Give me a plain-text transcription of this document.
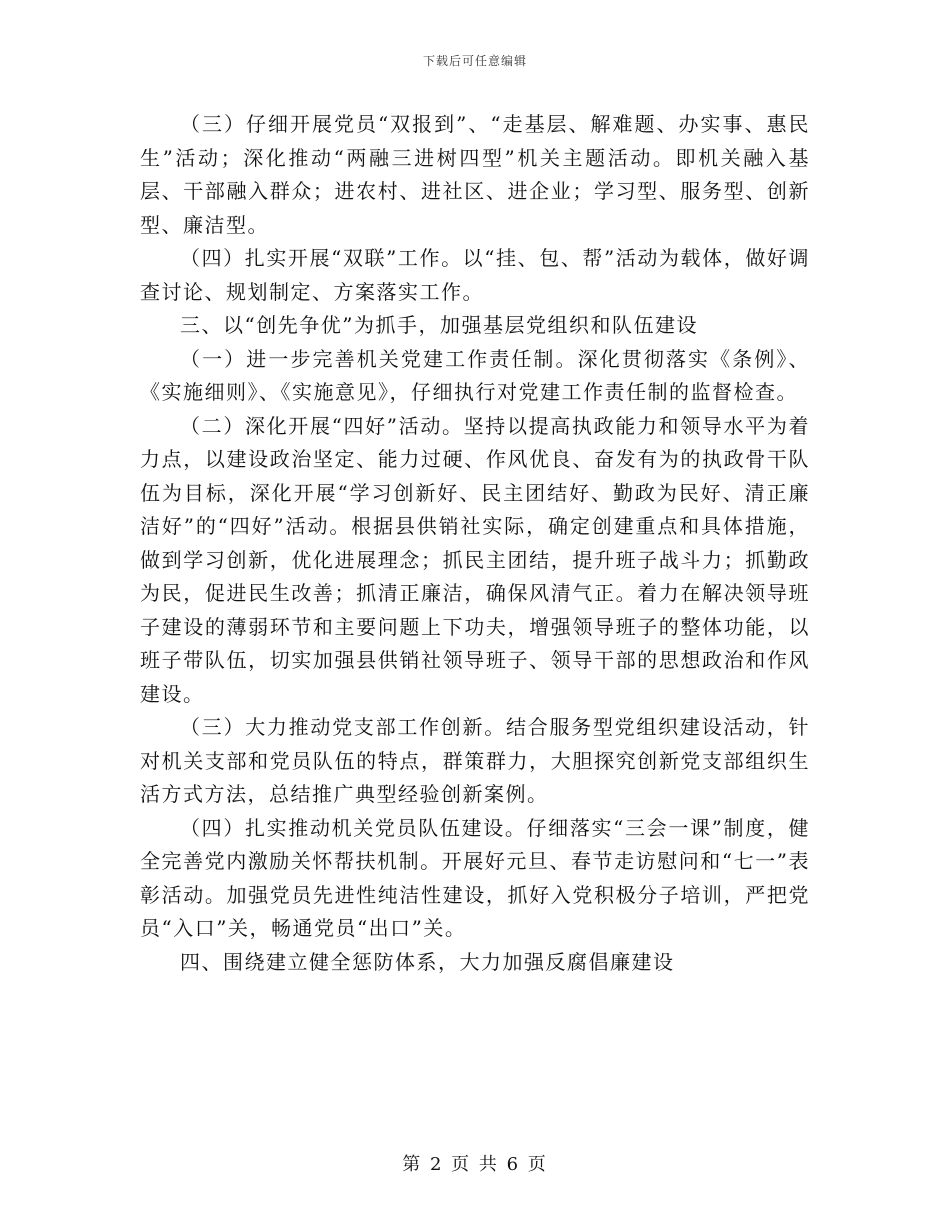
下载后可任意编辑

（三）仔细开展党员“双报到”、“走基层、解难题、办实事、惠民生”活动；深化推动“两融三进树四型”机关主题活动。即机关融入基层、干部融入群众；进农村、进社区、进企业；学习型、服务型、创新型、廉洁型。

（四）扎实开展“双联”工作。以“挂、包、帮”活动为载体，做好调查讨论、规划制定、方案落实工作。

三、以“创先争优”为抓手，加强基层党组织和队伍建设

（一）进一步完善机关党建工作责任制。深化贯彻落实《条例》、《实施细则》、《实施意见》，仔细执行对党建工作责任制的监督检查。

（二）深化开展“四好”活动。坚持以提高执政能力和领导水平为着力点，以建设政治坚定、能力过硬、作风优良、奋发有为的执政骨干队伍为目标，深化开展“学习创新好、民主团结好、勤政为民好、清正廉洁好”的“四好”活动。根据县供销社实际，确定创建重点和具体措施，做到学习创新，优化进展理念；抓民主团结，提升班子战斗力；抓勤政为民，促进民生改善；抓清正廉洁，确保风清气正。着力在解决领导班子建设的薄弱环节和主要问题上下功夫，增强领导班子的整体功能，以班子带队伍，切实加强县供销社领导班子、领导干部的思想政治和作风建设。

（三）大力推动党支部工作创新。结合服务型党组织建设活动，针对机关支部和党员队伍的特点，群策群力，大胆探究创新党支部组织生活方式方法，总结推广典型经验创新案例。

（四）扎实推动机关党员队伍建设。仔细落实“三会一课”制度，健全完善党内激励关怀帮扶机制。开展好元旦、春节走访慰问和“七一”表彰活动。加强党员先进性纯洁性建设，抓好入党积极分子培训，严把党员“入口”关，畅通党员“出口”关。

四、围绕建立健全惩防体系，大力加强反腐倡廉建设

第 2 页 共 6 页
